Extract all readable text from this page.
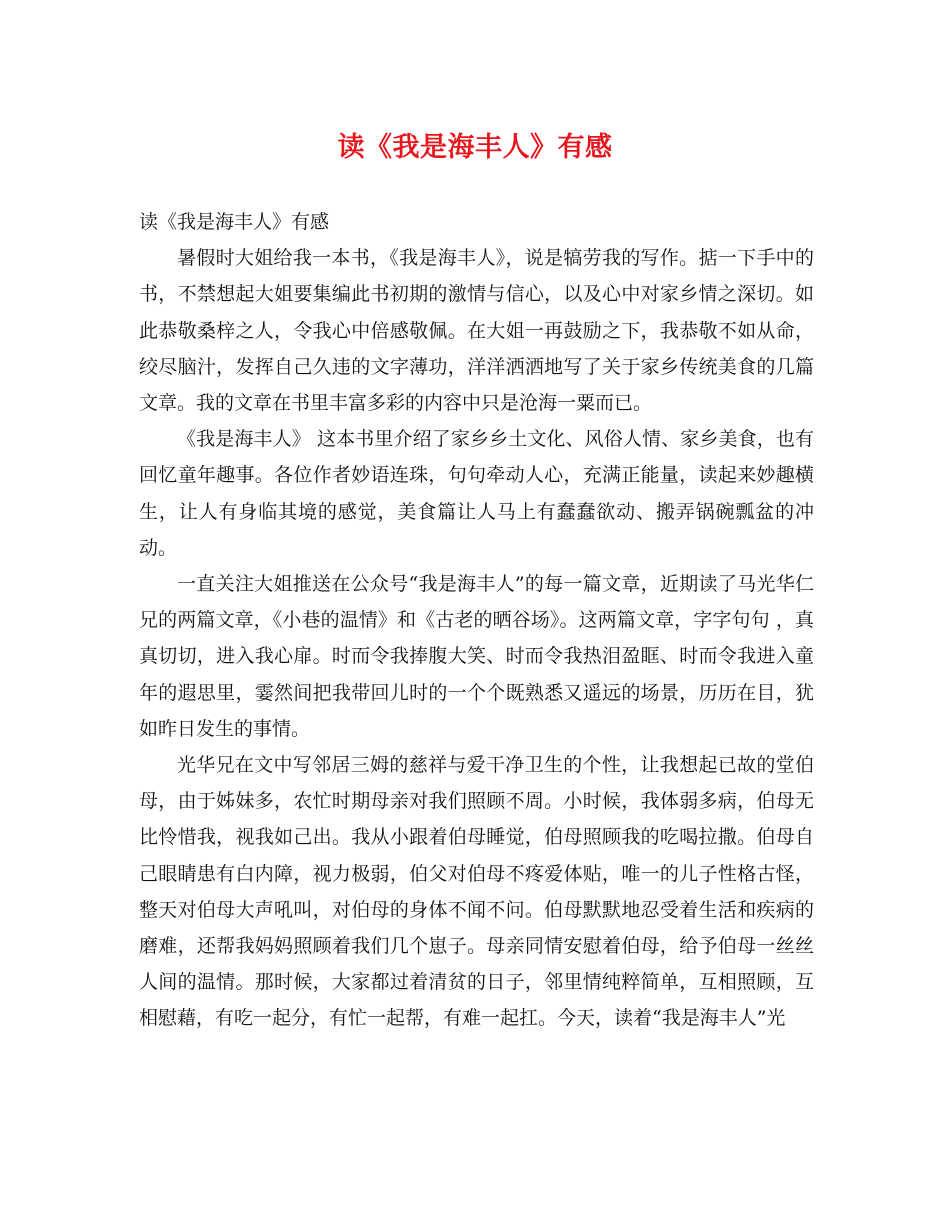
读《我是海丰人》有感

读《我是海丰人》有感

暑假时大姐给我一本书，《我是海丰人》，说是犒劳我的写作。掂一下手中的书，不禁想起大姐要集编此书初期的激情与信心，以及心中对家乡情之深切。如此恭敬桑梓之人，令我心中倍感敬佩。在大姐一再鼓励之下，我恭敬不如从命，绞尽脑汁，发挥自己久违的文字薄功，洋洋洒洒地写了关于家乡传统美食的几篇文章。我的文章在书里丰富多彩的内容中只是沧海一粟而已。

《我是海丰人》 这本书里介绍了家乡乡土文化、风俗人情、家乡美食，也有回忆童年趣事。各位作者妙语连珠，句句牵动人心，充满正能量，读起来妙趣横生，让人有身临其境的感觉，美食篇让人马上有蠢蠢欲动、搬弄锅碗瓢盆的冲动。

一直关注大姐推送在公众号“我是海丰人”的每一篇文章，近期读了马光华仁兄的两篇文章，《小巷的温情》和《古老的晒谷场》。这两篇文章，字字句句 ，真真切切，进入我心扉。时而令我捧腹大笑、时而令我热泪盈眶、时而令我进入童年的遐思里，霎然间把我带回儿时的一个个既熟悉又遥远的场景，历历在目，犹如昨日发生的事情。

光华兄在文中写邻居三姆的慈祥与爱干净卫生的个性，让我想起已故的堂伯母，由于姊妹多，农忙时期母亲对我们照顾不周。小时候，我体弱多病，伯母无比怜惜我，视我如己出。我从小跟着伯母睡觉，伯母照顾我的吃喝拉撒。伯母自己眼睛患有白内障，视力极弱，伯父对伯母不疼爱体贴，唯一的儿子性格古怪，整天对伯母大声吼叫，对伯母的身体不闻不问。伯母默默地忍受着生活和疾病的磨难，还帮我妈妈照顾着我们几个崽子。母亲同情安慰着伯母，给予伯母一丝丝人间的温情。那时候，大家都过着清贫的日子，邻里情纯粹简单，互相照顾，互相慰藉，有吃一起分，有忙一起帮，有难一起扛。今天，读着“我是海丰人”光
